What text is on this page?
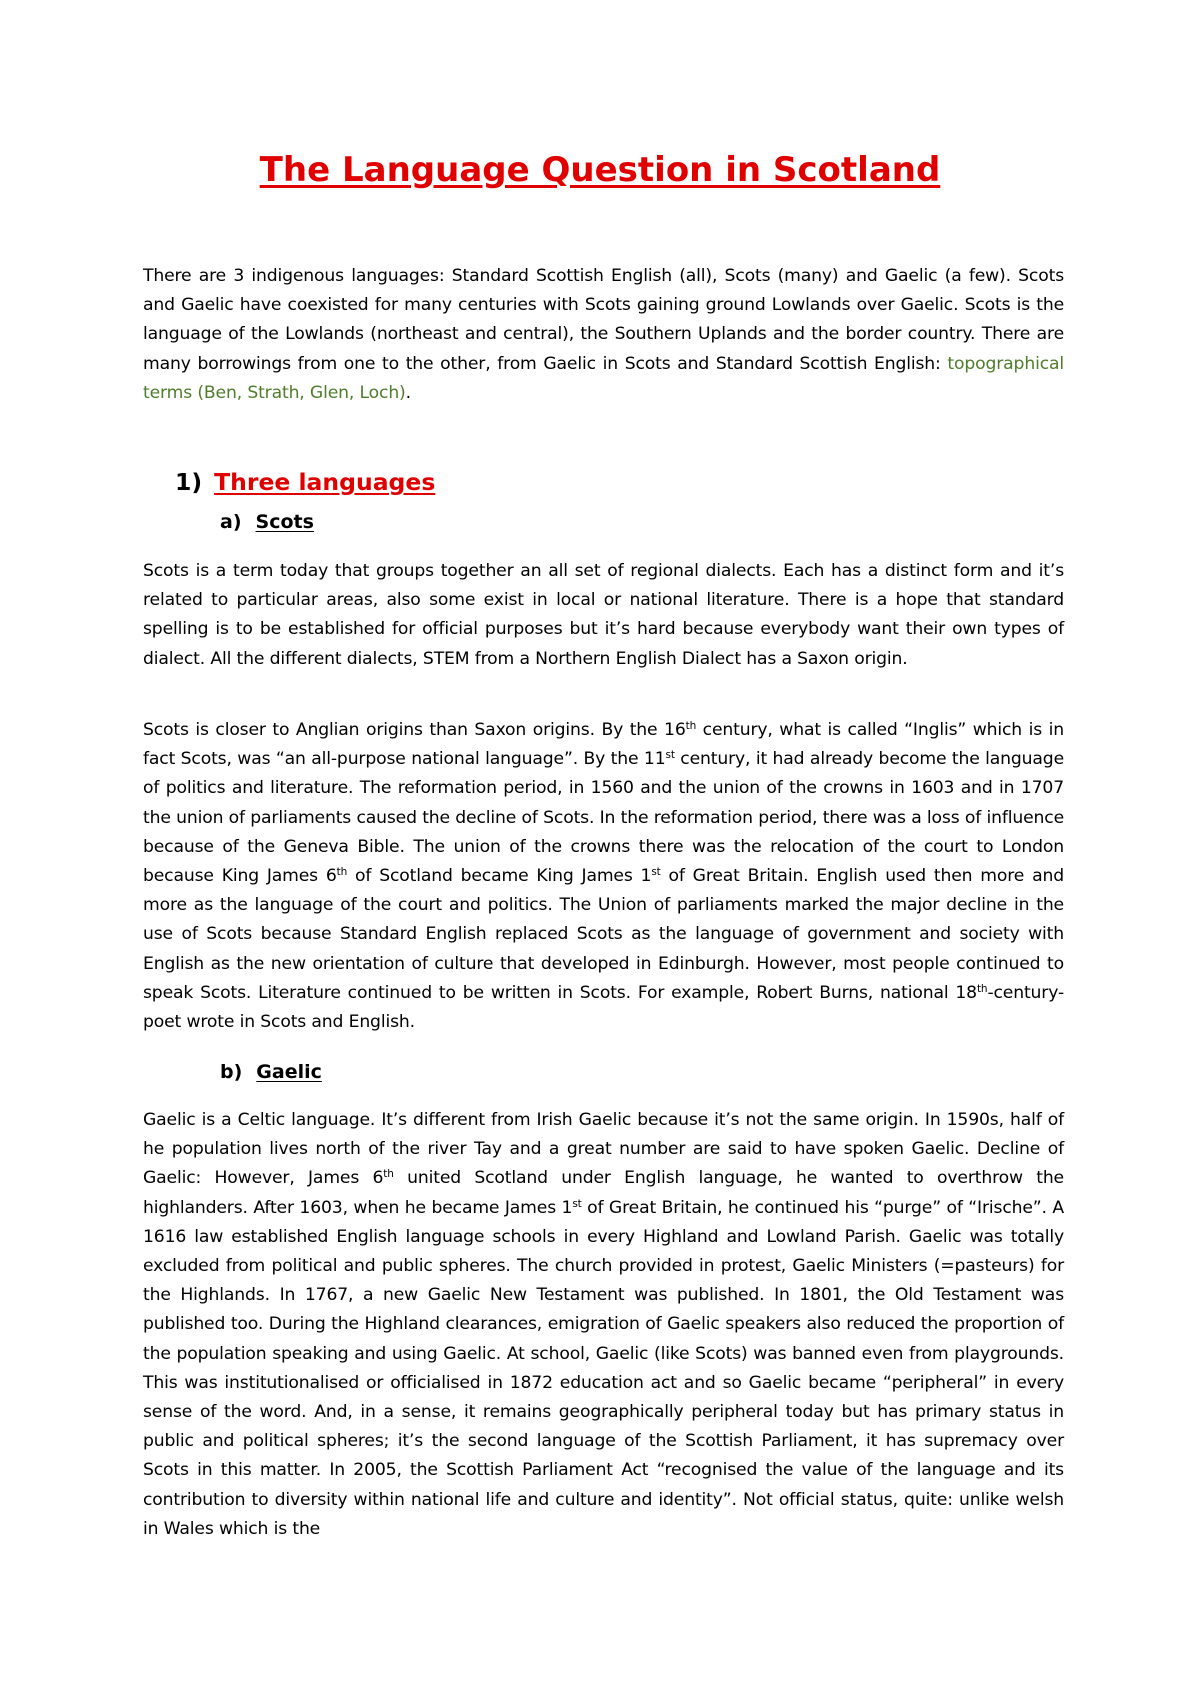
The Language Question in Scotland

There are 3 indigenous languages: Standard Scottish English (all), Scots (many) and Gaelic (a few). Scots and Gaelic have coexisted for many centuries with Scots gaining ground Lowlands over Gaelic. Scots is the language of the Lowlands (northeast and central), the Southern Uplands and the border country. There are many borrowings from one to the other, from Gaelic in Scots and Standard Scottish English: topographical terms (Ben, Strath, Glen, Loch).

1) Three languages
a) Scots

Scots is a term today that groups together an all set of regional dialects. Each has a distinct form and it’s related to particular areas, also some exist in local or national literature. There is a hope that standard spelling is to be established for official purposes but it’s hard because everybody want their own types of dialect. All the different dialects, STEM from a Northern English Dialect has a Saxon origin.

Scots is closer to Anglian origins than Saxon origins. By the 16th century, what is called “Inglis” which is in fact Scots, was “an all-purpose national language”. By the 11st century, it had already become the language of politics and literature. The reformation period, in 1560 and the union of the crowns in 1603 and in 1707 the union of parliaments caused the decline of Scots. In the reformation period, there was a loss of influence because of the Geneva Bible. The union of the crowns there was the relocation of the court to London because King James 6th of Scotland became King James 1st of Great Britain. English used then more and more as the language of the court and politics. The Union of parliaments marked the major decline in the use of Scots because Standard English replaced Scots as the language of government and society with English as the new orientation of culture that developed in Edinburgh. However, most people continued to speak Scots. Literature continued to be written in Scots. For example, Robert Burns, national 18th-century-poet wrote in Scots and English.

b) Gaelic

Gaelic is a Celtic language. It’s different from Irish Gaelic because it’s not the same origin. In 1590s, half of he population lives north of the river Tay and a great number are said to have spoken Gaelic. Decline of Gaelic: However, James 6th united Scotland under English language, he wanted to overthrow the highlanders. After 1603, when he became James 1st of Great Britain, he continued his “purge” of “Irische”. A 1616 law established English language schools in every Highland and Lowland Parish. Gaelic was totally excluded from political and public spheres. The church provided in protest, Gaelic Ministers (=pasteurs) for the Highlands. In 1767, a new Gaelic New Testament was published. In 1801, the Old Testament was published too. During the Highland clearances, emigration of Gaelic speakers also reduced the proportion of the population speaking and using Gaelic. At school, Gaelic (like Scots) was banned even from playgrounds. This was institutionalised or officialised in 1872 education act and so Gaelic became “peripheral” in every sense of the word. And, in a sense, it remains geographically peripheral today but has primary status in public and political spheres; it’s the second language of the Scottish Parliament, it has supremacy over Scots in this matter. In 2005, the Scottish Parliament Act “recognised the value of the language and its contribution to diversity within national life and culture and identity”. Not official status, quite: unlike welsh in Wales which is the
